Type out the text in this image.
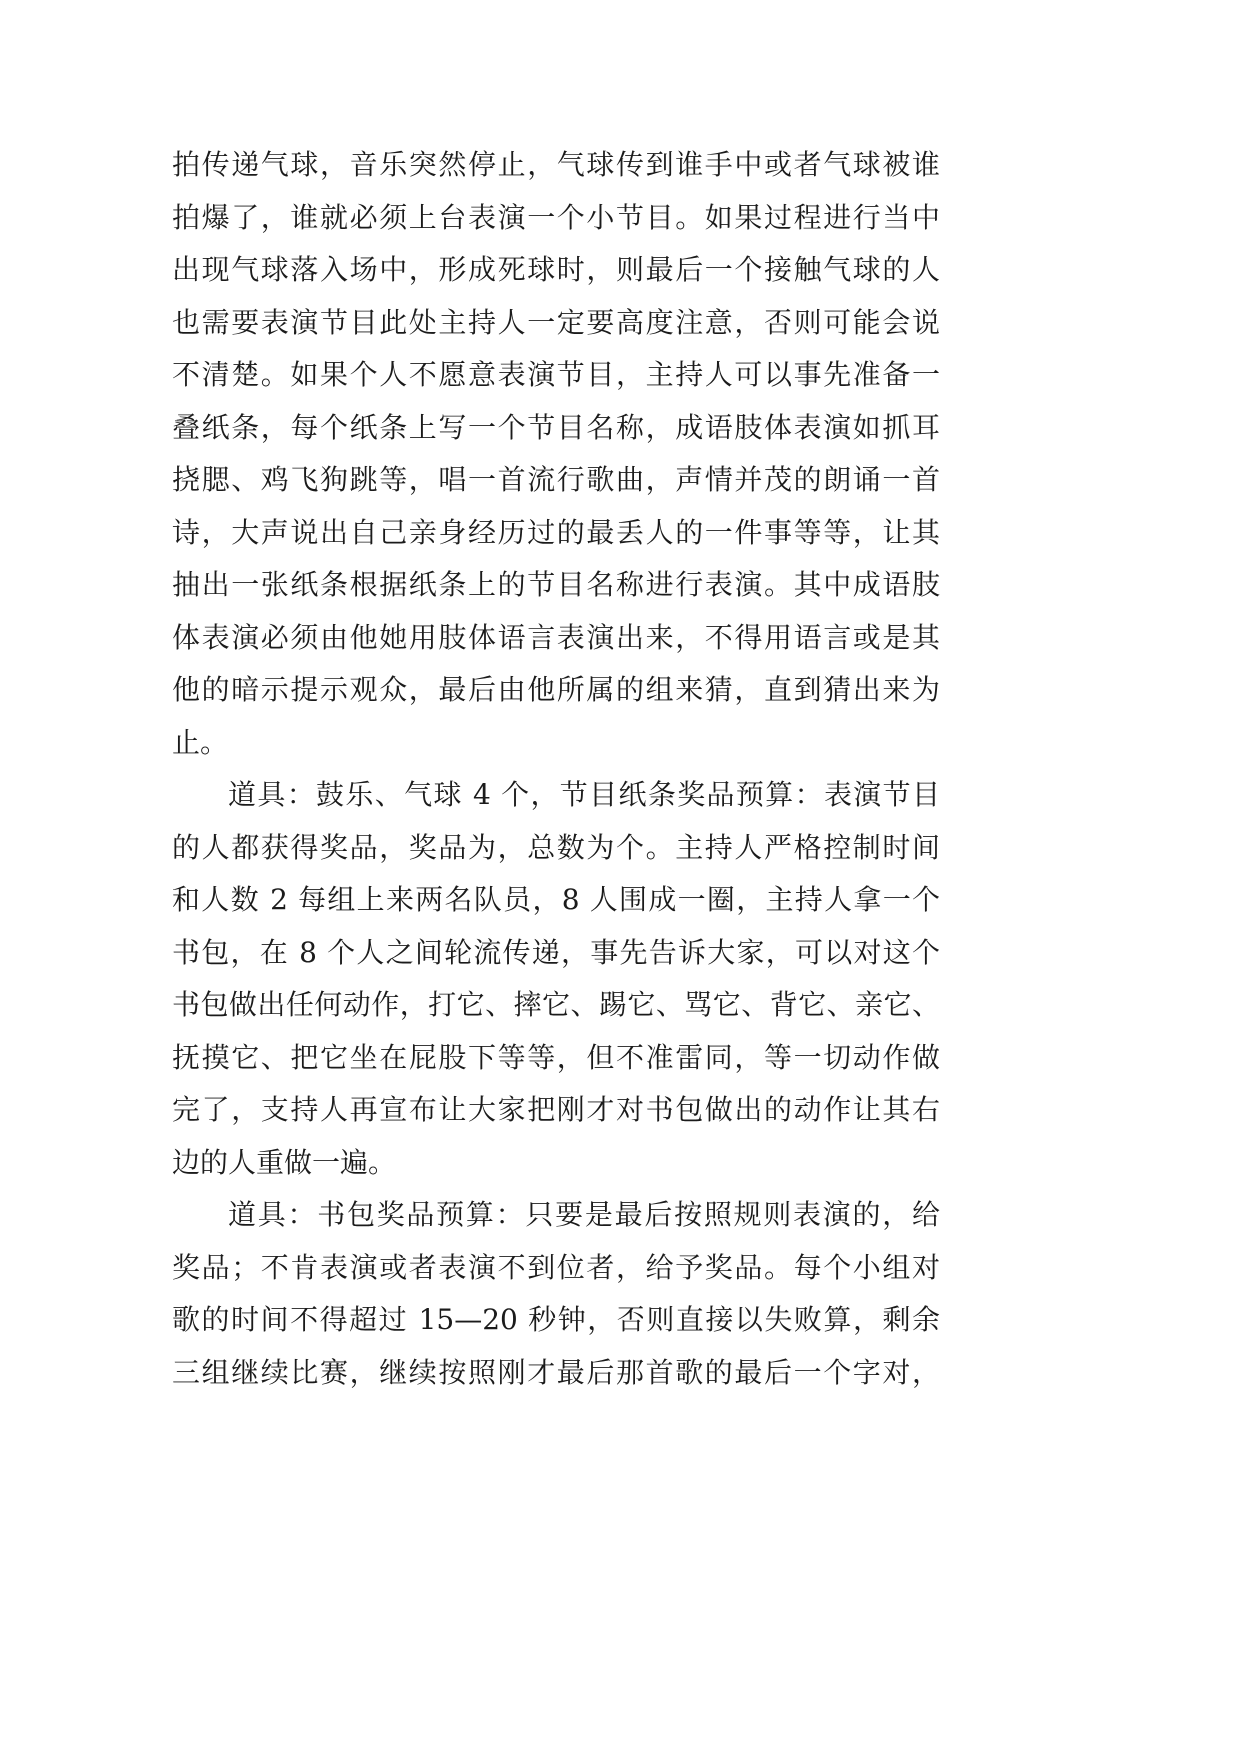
拍传递气球，音乐突然停止，气球传到谁手中或者气球被谁
拍爆了，谁就必须上台表演一个小节目。如果过程进行当中
出现气球落入场中，形成死球时，则最后一个接触气球的人
也需要表演节目此处主持人一定要高度注意，否则可能会说
不清楚。如果个人不愿意表演节目，主持人可以事先准备一
叠纸条，每个纸条上写一个节目名称，成语肢体表演如抓耳
挠腮、鸡飞狗跳等，唱一首流行歌曲，声情并茂的朗诵一首
诗，大声说出自己亲身经历过的最丢人的一件事等等，让其
抽出一张纸条根据纸条上的节目名称进行表演。其中成语肢
体表演必须由他她用肢体语言表演出来，不得用语言或是其
他的暗示提示观众，最后由他所属的组来猜，直到猜出来为
止。
道具：鼓乐、气球 4 个，节目纸条奖品预算：表演节目
的人都获得奖品，奖品为，总数为个。主持人严格控制时间
和人数 2 每组上来两名队员，8 人围成一圈，主持人拿一个
书包，在 8 个人之间轮流传递，事先告诉大家，可以对这个
书包做出任何动作，打它、摔它、踢它、骂它、背它、亲它、
抚摸它、把它坐在屁股下等等，但不准雷同，等一切动作做
完了，支持人再宣布让大家把刚才对书包做出的动作让其右
边的人重做一遍。
道具：书包奖品预算：只要是最后按照规则表演的，给
奖品；不肯表演或者表演不到位者，给予奖品。每个小组对
歌的时间不得超过 15—20 秒钟，否则直接以失败算，剩余
三组继续比赛，继续按照刚才最后那首歌的最后一个字对，
